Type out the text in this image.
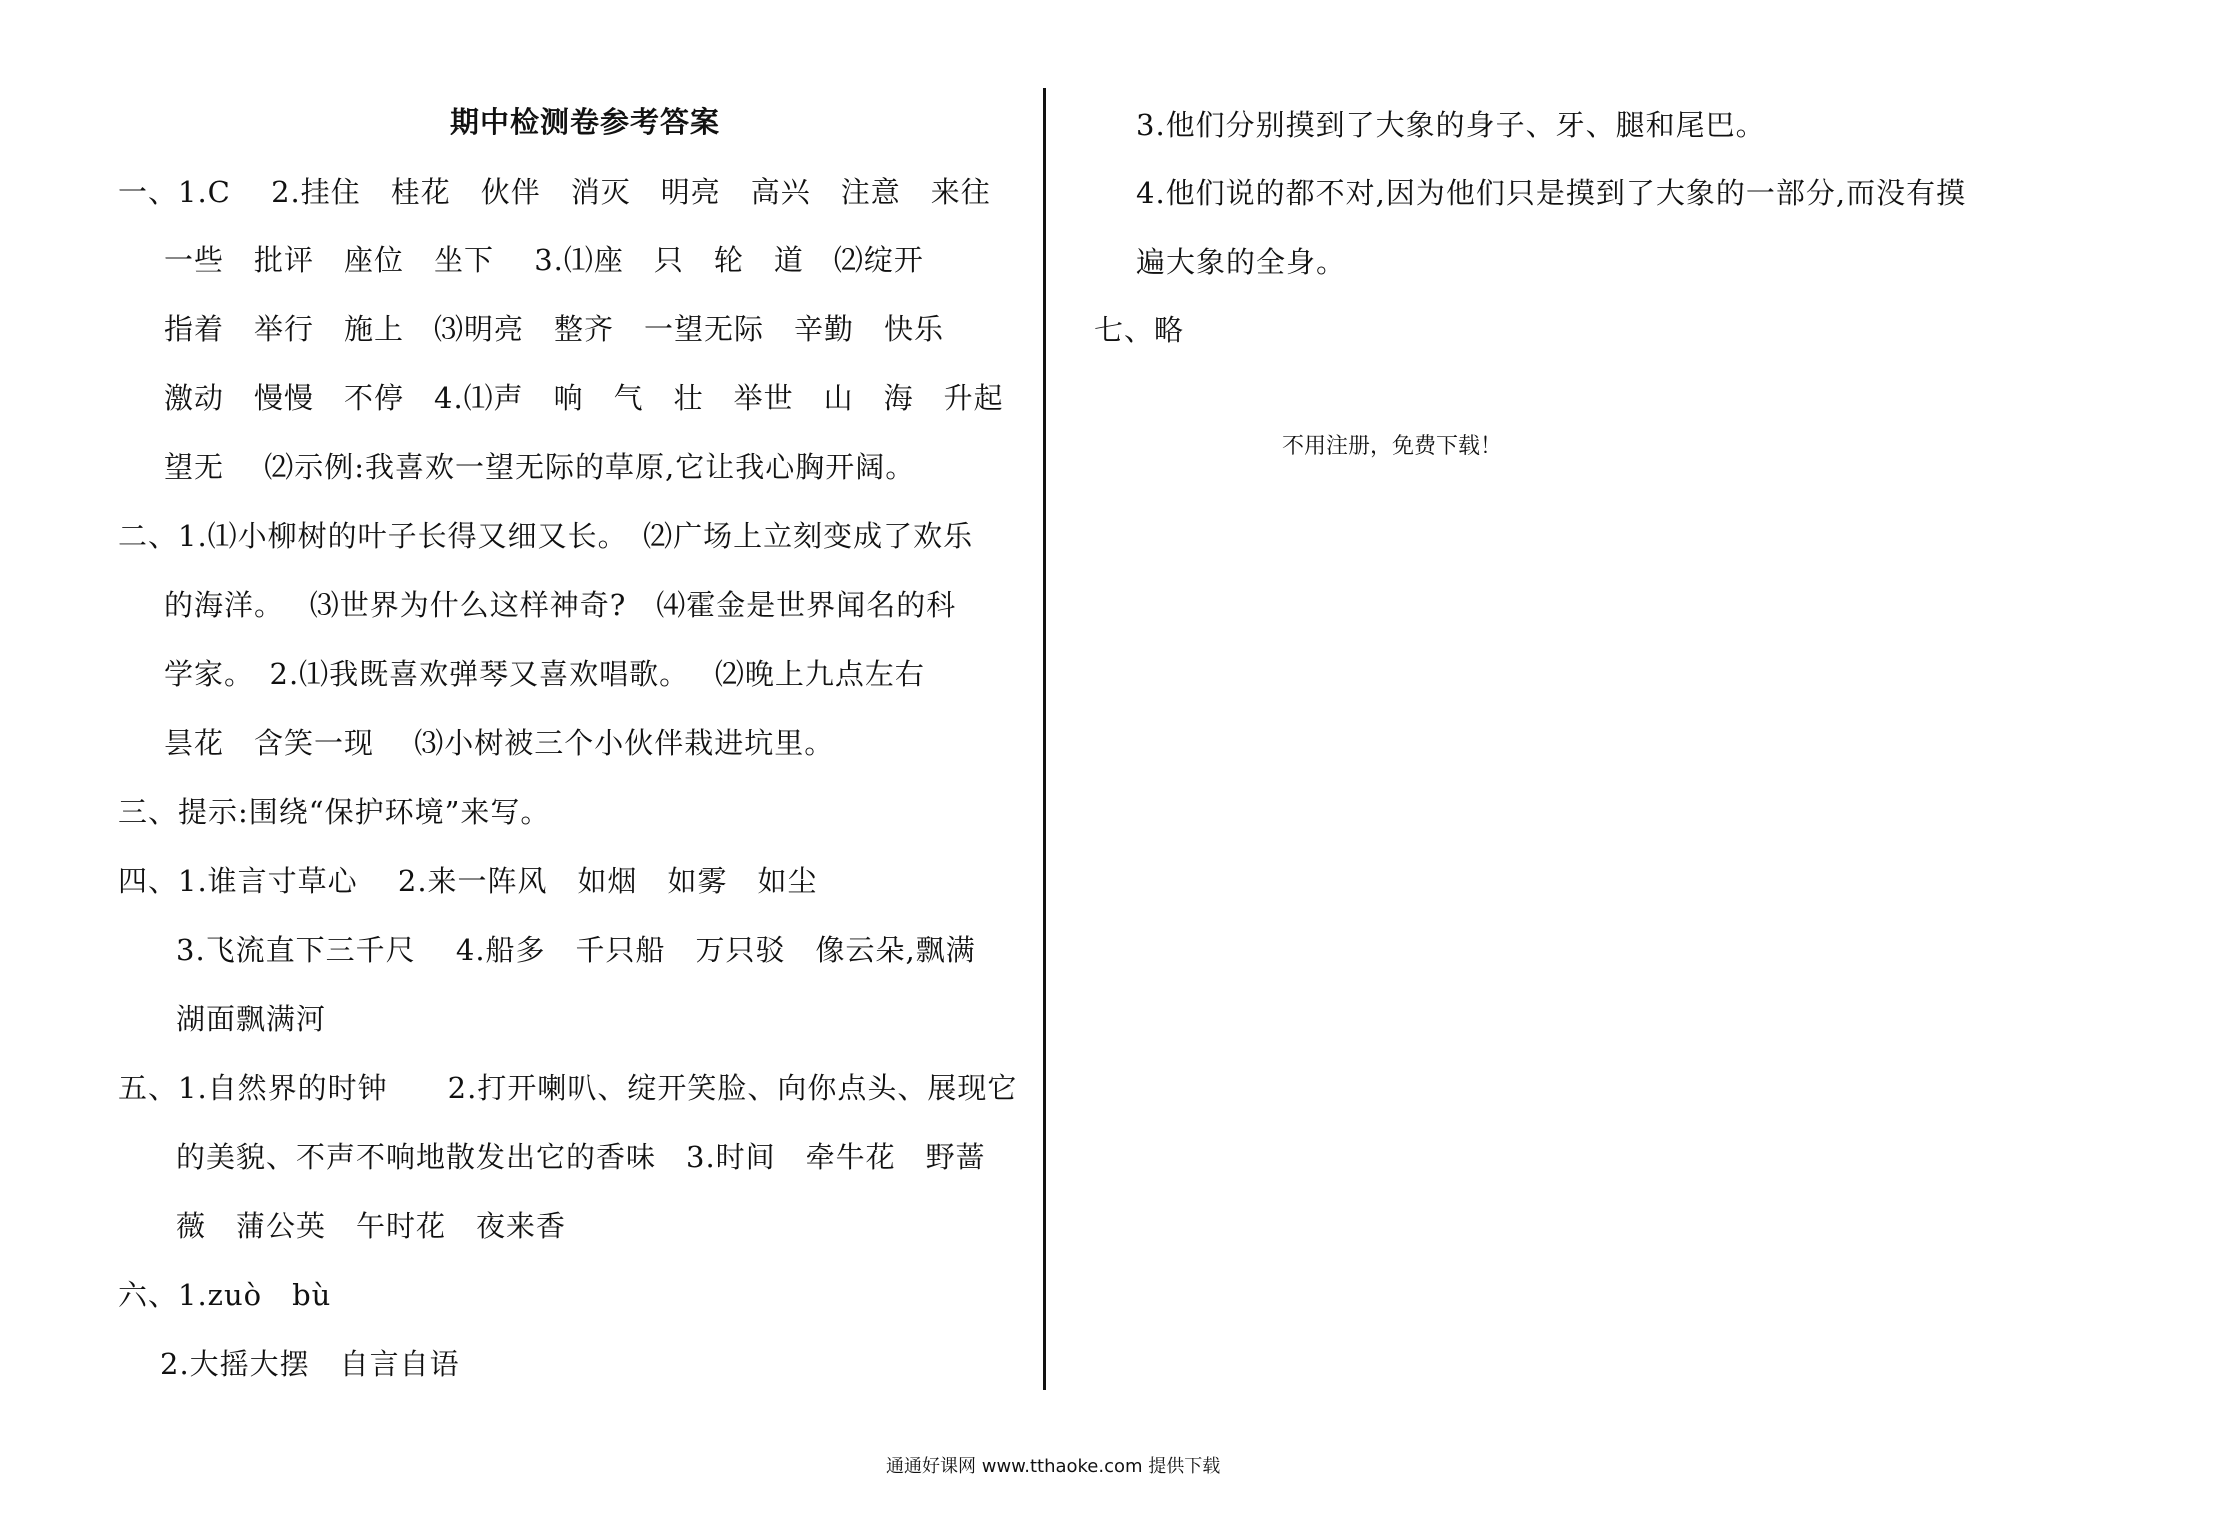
期中检测卷参考答案
一、1.C　 2.挂住　桂花　伙伴　消灭　明亮　高兴　注意　来往
一些　批评　座位　坐下　 3.⑴座　只　轮　道　⑵绽开
指着　举行　施上　⑶明亮　整齐　一望无际　辛勤　快乐
激动　慢慢　不停　4.⑴声　响　气　壮　举世　山　海　升起
望无　 ⑵示例:我喜欢一望无际的草原,它让我心胸开阔。
二、1.⑴小柳树的叶子长得又细又长。　⑵广场上立刻变成了欢乐
的海洋。　 ⑶世界为什么这样神奇?　⑷霍金是世界闻名的科
学家。　2.⑴我既喜欢弹琴又喜欢唱歌。　 ⑵晚上九点左右
昙花　含笑一现　 ⑶小树被三个小伙伴栽进坑里。
三、提示:围绕“保护环境”来写。
四、1.谁言寸草心　 2.来一阵风　如烟　如雾　如尘
3.飞流直下三千尺　 4.船多　千只船　万只驳　像云朵,飘满
湖面飘满河
五、1.自然界的时钟　　2.打开喇叭、绽开笑脸、向你点头、展现它
的美貌、不声不响地散发出它的香味　3.时间　牵牛花　野蔷
薇　蒲公英　午时花　夜来香
六、1.zuò　bù
2.大摇大摆　自言自语
3.他们分别摸到了大象的身子、牙、腿和尾巴。
4.他们说的都不对,因为他们只是摸到了大象的一部分,而没有摸
遍大象的全身。
七、略
不用注册，免费下载！
通通好课网 www.tthaoke.com 提供下载
